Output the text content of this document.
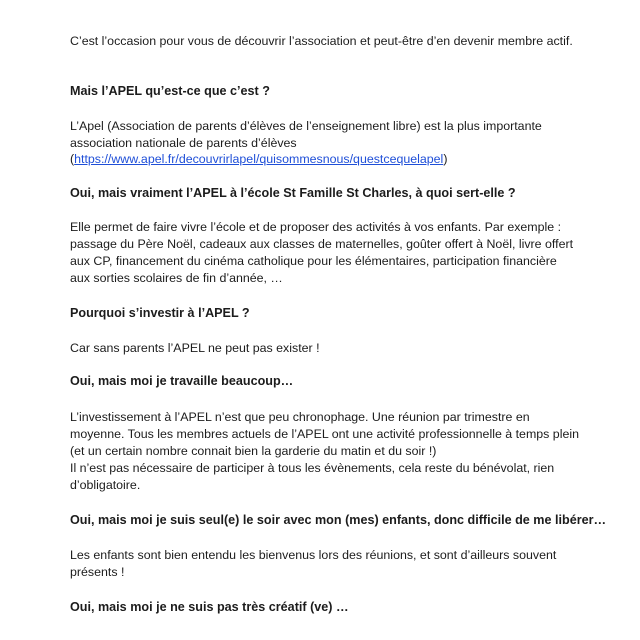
C’est l’occasion pour vous de découvrir l’association et peut-être d’en devenir membre actif.
Mais l’APEL qu’est-ce que c’est ?
L’Apel (Association de parents d’élèves de l’enseignement libre) est la plus importante
association nationale de parents d’élèves
(https://www.apel.fr/decouvrirlapel/quisommesnous/questcequelapel)
Oui, mais vraiment l’APEL à l’école St Famille St Charles, à quoi sert-elle ?
Elle permet de faire vivre l’école et de proposer des activités à vos enfants. Par exemple :
passage du Père Noël, cadeaux aux classes de maternelles, goûter offert à Noël, livre offert
aux CP, financement du cinéma catholique pour les élémentaires, participation financière
aux sorties scolaires de fin d’année, …
Pourquoi s’investir à l’APEL ?
Car sans parents l’APEL ne peut pas exister !
Oui, mais moi je travaille beaucoup…
L’investissement à l’APEL n’est que peu chronophage. Une réunion par trimestre en
moyenne. Tous les membres actuels de l’APEL ont une activité professionnelle à temps plein
(et un certain nombre connait bien la garderie du matin et du soir !)
Il n’est pas nécessaire de participer à tous les évènements, cela reste du bénévolat, rien
d’obligatoire.
Oui, mais moi je suis seul(e) le soir avec mon (mes) enfants, donc difficile de me libérer…
Les enfants sont bien entendu les bienvenus lors des réunions, et sont d’ailleurs souvent
présents !
Oui, mais moi je ne suis pas très créatif (ve) …
